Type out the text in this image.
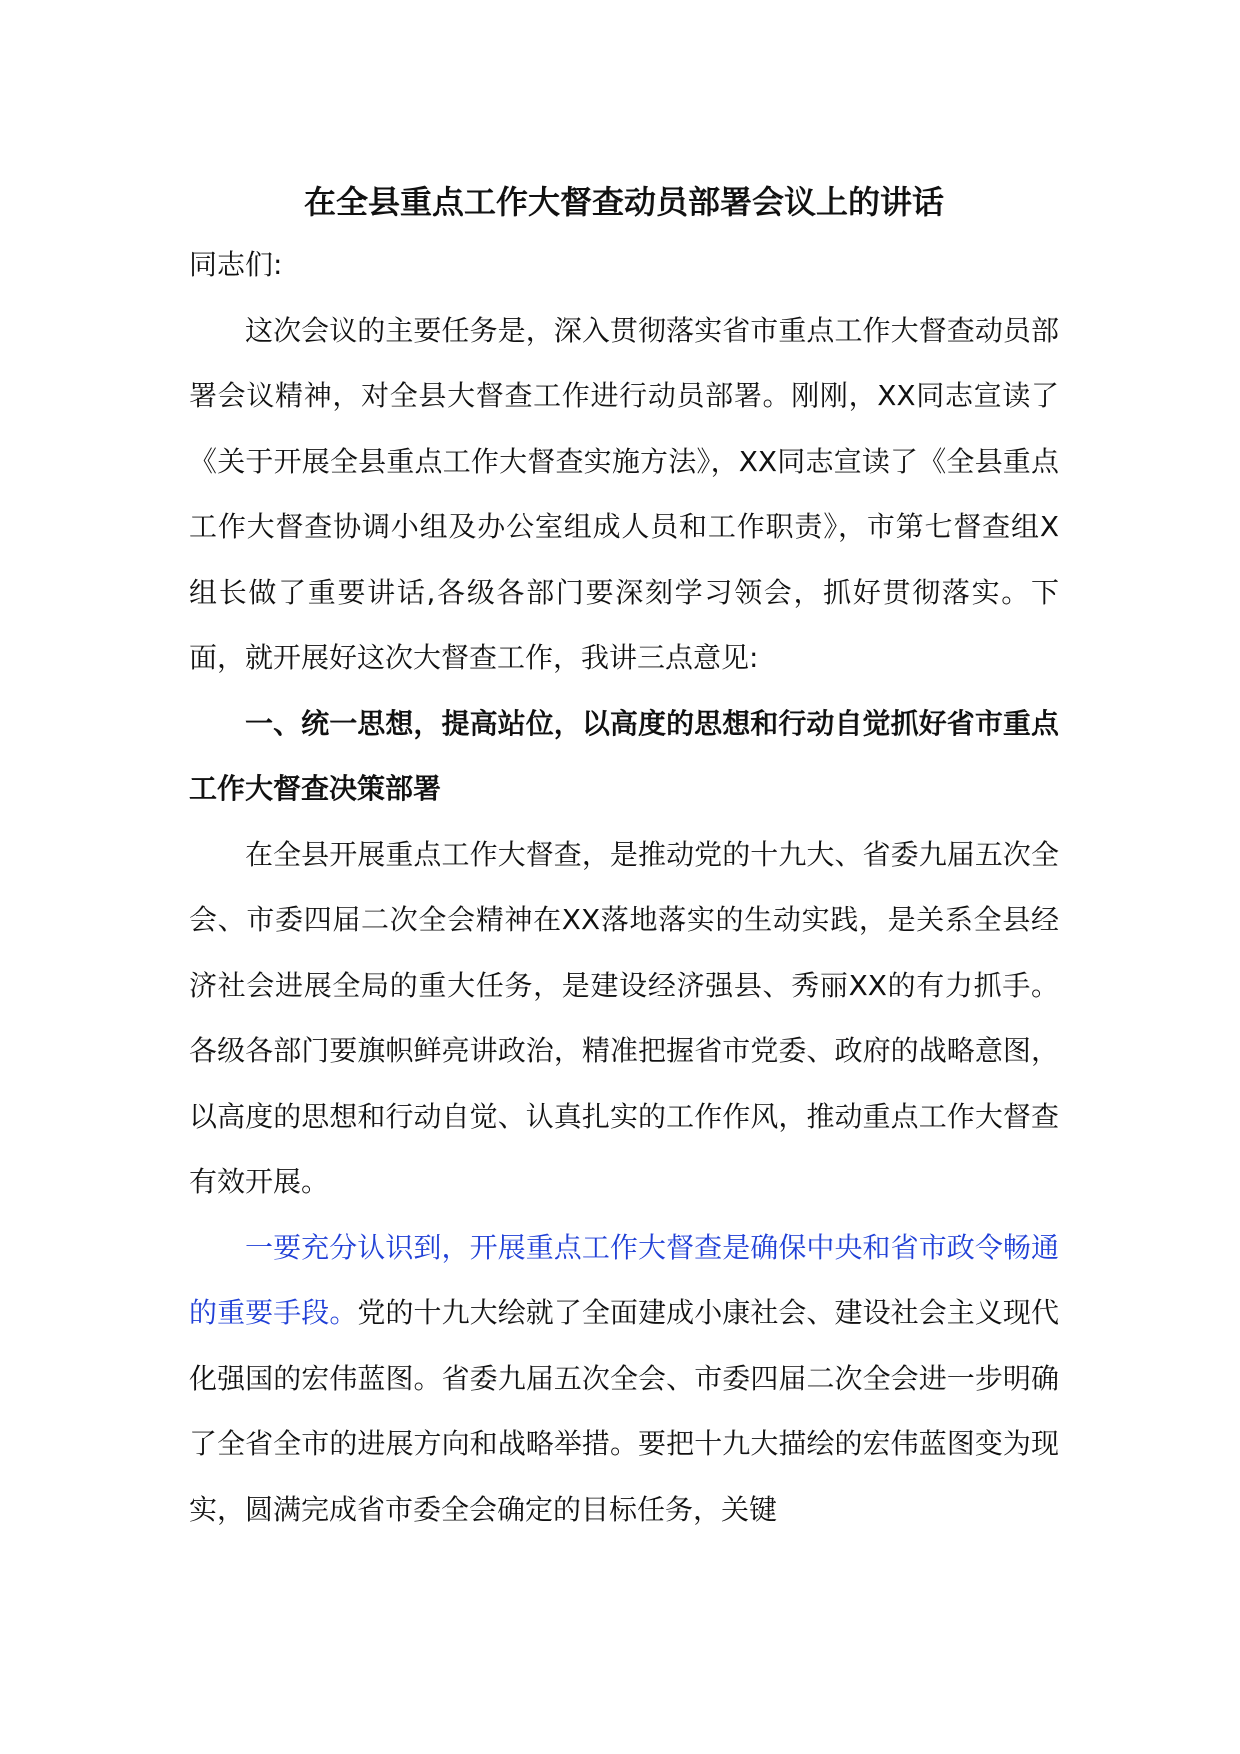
在全县重点工作大督查动员部署会议上的讲话

同志们:

这次会议的主要任务是，深入贯彻落实省市重点工作大督查动员部署会议精神，对全县大督查工作进行动员部署。刚刚，XX同志宣读了《关于开展全县重点工作大督查实施方法》，XX同志宣读了《全县重点工作大督查协调小组及办公室组成人员和工作职责》，市第七督查组X组长做了重要讲话,各级各部门要深刻学习领会，抓好贯彻落实。下面，就开展好这次大督查工作，我讲三点意见:

一、统一思想，提高站位，以高度的思想和行动自觉抓好省市重点工作大督查决策部署

在全县开展重点工作大督查，是推动党的十九大、省委九届五次全会、市委四届二次全会精神在XX落地落实的生动实践，是关系全县经济社会进展全局的重大任务，是建设经济强县、秀丽XX的有力抓手。各级各部门要旗帜鲜亮讲政治，精准把握省市党委、政府的战略意图，以高度的思想和行动自觉、认真扎实的工作作风，推动重点工作大督查有效开展。

一要充分认识到，开展重点工作大督查是确保中央和省市政令畅通的重要手段。党的十九大绘就了全面建成小康社会、建设社会主义现代化强国的宏伟蓝图。省委九届五次全会、市委四届二次全会进一步明确了全省全市的进展方向和战略举措。要把十九大描绘的宏伟蓝图变为现实，圆满完成省市委全会确定的目标任务，关键
